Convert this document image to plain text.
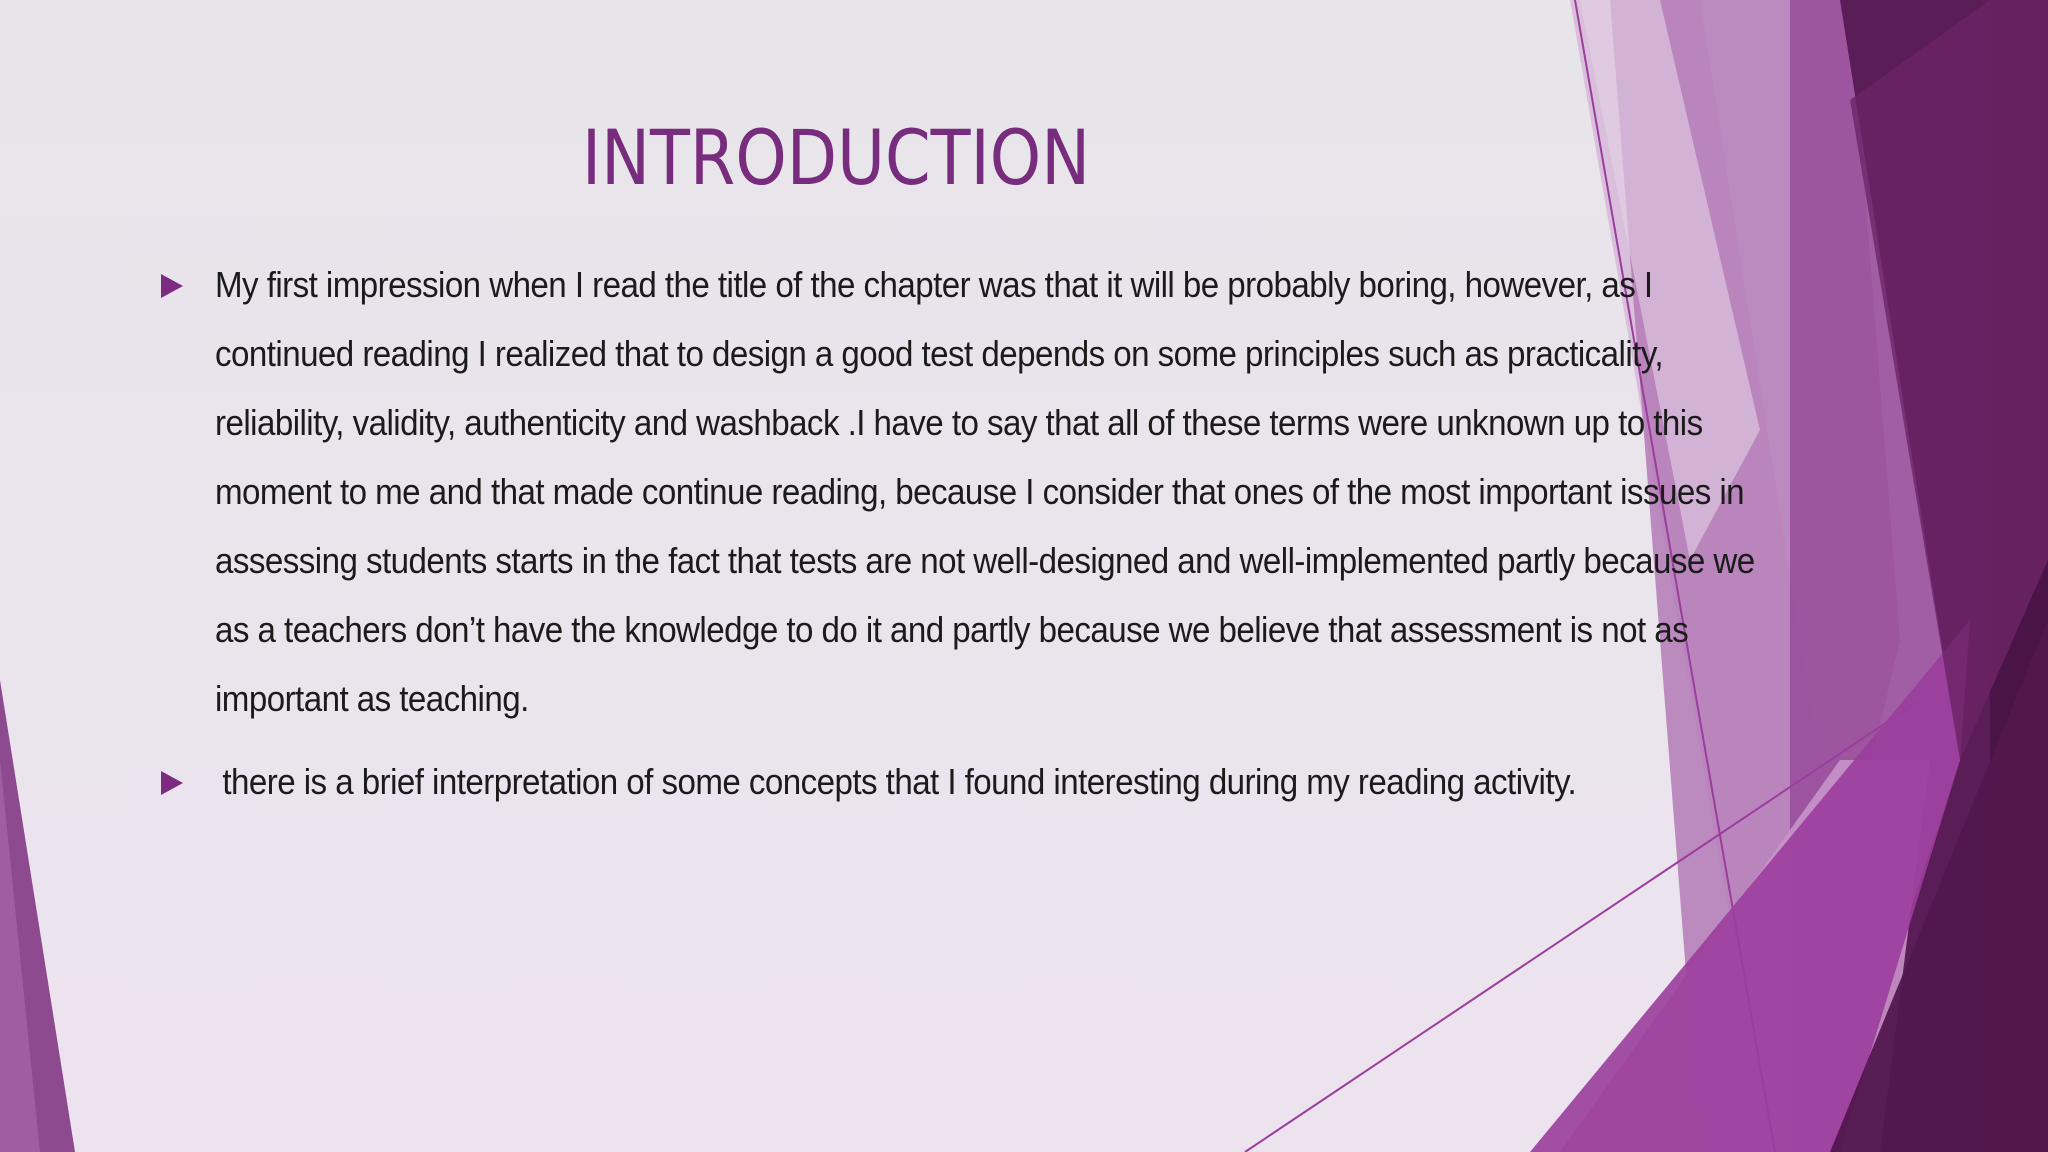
INTRODUCTION
My first impression when I read the title of the chapter was that it will be probably boring, however, as I continued reading I realized that to design a good test depends on some principles such as practicality, reliability, validity, authenticity and washback .I have to say that all of these terms were unknown up to this moment to me and that made continue reading, because I consider that ones of the most important issues in assessing students starts in the fact that tests are not well-designed and well-implemented partly because we as a teachers don’t have the knowledge to do it and partly because we believe that assessment is not as important as teaching.
there is a brief interpretation of some concepts that I found interesting during my reading activity.
